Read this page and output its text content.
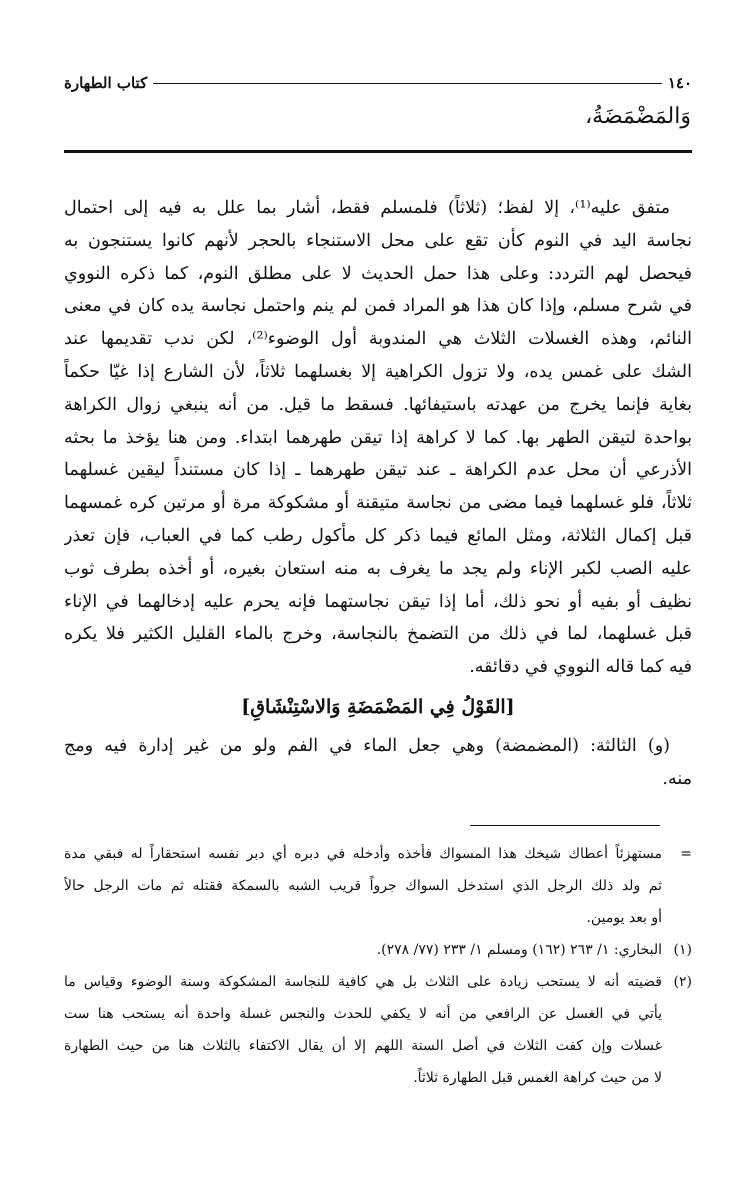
١٤٠
كتاب الطهارة
وَالمَضْمَضَةُ،
متفق عليه⁽¹⁾، إلا لفظ؛ (ثلاثاً) فلمسلم فقط، أشار بما علل به فيه إلى احتمال
نجاسة اليد في النوم كأن تقع على محل الاستنجاء بالحجر لأنهم كانوا يستنجون به
فيحصل لهم التردد: وعلى هذا حمل الحديث لا على مطلق النوم، كما ذكره النووي
في شرح مسلم، وإذا كان هذا هو المراد فمن لم ينم واحتمل نجاسة يده كان في معنى
النائم، وهذه الغسلات الثلاث هي المندوبة أول الوضوء⁽²⁾، لكن ندب تقديمها عند
الشك على غمس يده، ولا تزول الكراهية إلا بغسلهما ثلاثاً، لأن الشارع إذا غيّا حكماً
بغاية فإنما يخرج من عهدته باستيفائها. فسقط ما قيل. من أنه ينبغي زوال الكراهة
بواحدة لتيقن الطهر بها. كما لا كراهة إذا تيقن طهرهما ابتداء. ومن هنا يؤخذ ما بحثه
الأذرعي أن محل عدم الكراهة ـ عند تيقن طهرهما ـ إذا كان مستنداً ليقين غسلهما
ثلاثاً، فلو غسلهما فيما مضى من نجاسة متيقنة أو مشكوكة مرة أو مرتين كره غمسهما
قبل إكمال الثلاثة، ومثل المائع فيما ذكر كل مأكول رطب كما في العباب، فإن تعذر
عليه الصب لكبر الإناء ولم يجد ما يغرف به منه استعان بغيره، أو أخذه بطرف ثوب
نظيف أو بفيه أو نحو ذلك، أما إذا تيقن نجاستهما فإنه يحرم عليه إدخالهما في الإناء
قبل غسلهما، لما في ذلك من التضمخ بالنجاسة، وخرج بالماء القليل الكثير فلا يكره
فيه كما قاله النووي في دقائقه.
[القَوْلُ فِي المَضْمَضَةِ وَالاسْتِنْشَاقِ]
(و) الثالثة: (المضمضة) وهي جعل الماء في الفم ولو من غير إدارة فيه ومج
منه.
=
مستهزئاً أعطاك شيخك هذا المسواك فأخذه وأدخله في دبره أي دبر نفسه استحقاراً له فبقي مدة
ثم ولد ذلك الرجل الذي استدخل السواك جرواً قريب الشبه بالسمكة فقتله ثم مات الرجل حالاً
أو بعد يومين.
(١)
البخاري: ١/ ٢٦٣ (١٦٢) ومسلم ١/ ٢٣٣ (٧٧/ ٢٧٨).
(٢)
قضيته أنه لا يستحب زيادة على الثلاث بل هي كافية للنجاسة المشكوكة وسنة الوضوء وقياس ما
يأتي في الغسل عن الرافعي من أنه لا يكفي للحدث والنجس غسلة واحدة أنه يستحب هنا ست
غسلات وإن كفت الثلاث في أصل السنة اللهم إلا أن يقال الاكتفاء بالثلاث هنا من حيث الطهارة
لا من حيث كراهة الغمس قبل الطهارة ثلاثاً.
